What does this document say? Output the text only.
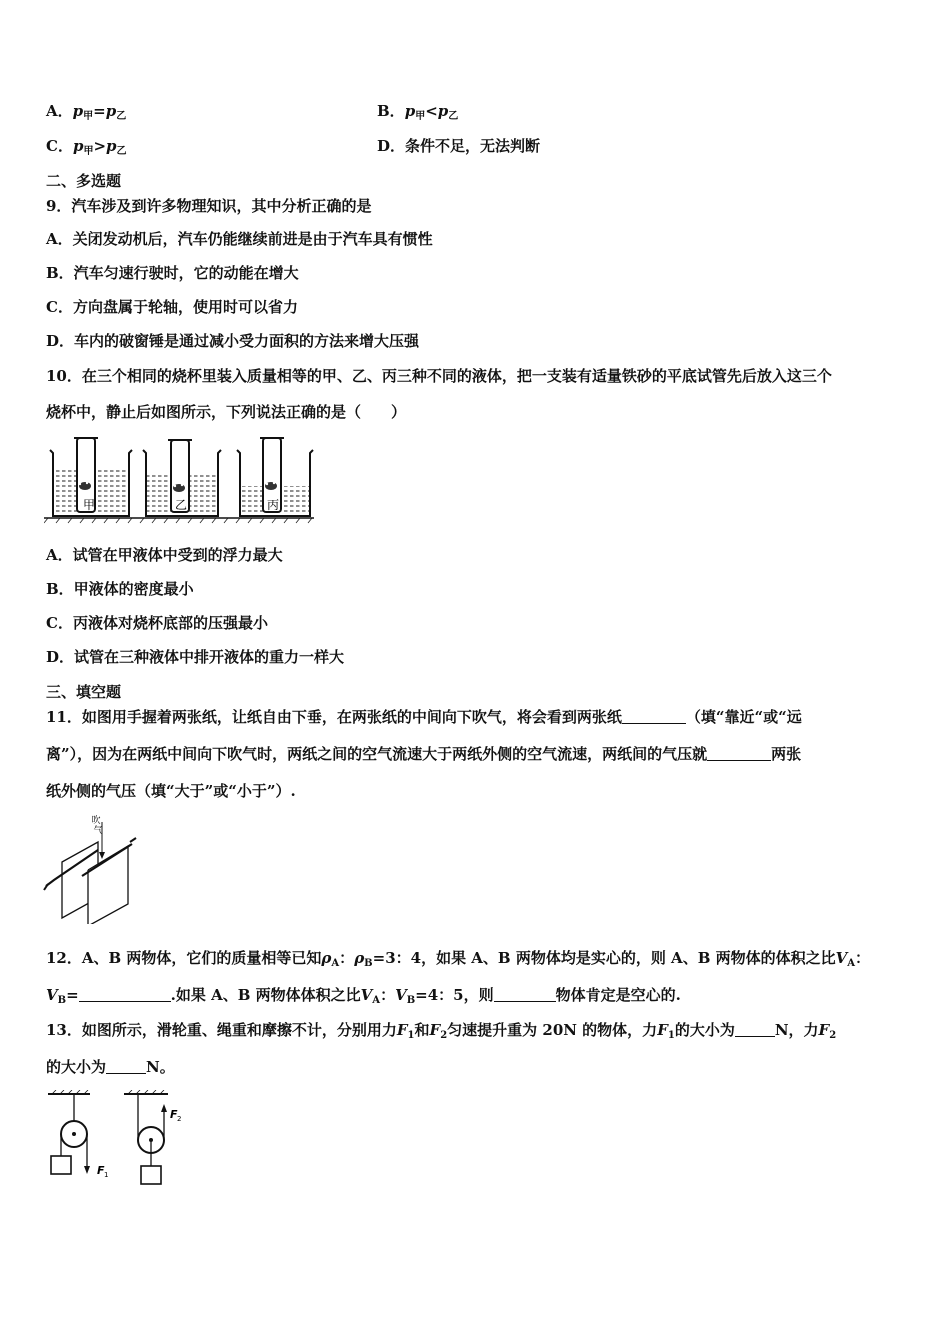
A．$p_甲=p_乙$	B．$p_甲<p_乙$
C．$p_甲>p_乙$	D．条件不足，无法判断
二、多选题
9．汽车涉及到许多物理知识，其中分析正确的是
A．关闭发动机后，汽车仍能继续前进是由于汽车具有惯性
B．汽车匀速行驶时，它的动能在增大
C．方向盘属于轮轴，使用时可以省力
D．车内的破窗锤是通过减小受力面积的方法来增大压强
10．在三个相同的烧杯里装入质量相等的甲、乙、丙三种不同的液体，把一支装有适量铁砂的平底试管先后放入这三个
烧杯中，静止后如图所示，下列说法正确的是（　　）
甲	乙	丙
A．试管在甲液体中受到的浮力最大
B．甲液体的密度最小
C．丙液体对烧杯底部的压强最小
D．试管在三种液体中排开液体的重力一样大
三、填空题
11．如图用手握着两张纸，让纸自由下垂，在两张纸的中间向下吹气，将会看到两张纸	（填“靠近“或“远
离”），因为在两纸中间向下吹气时，两纸之间的空气流速大于两纸外侧的空气流速，两纸间的气压就	两张
纸外侧的气压（填“大于”或“小于”）.
吹
气
12．A、B 两物体，它们的质量相等已知$\rho_A$：$\rho_B=3$：4，如果 A、B 两物体均是实心的，则 A、B 两物体的体积之比$V_A$：
$V_B=$	.如果 A、B 两物体体积之比$V_A$：$V_B=4$：5，则	物体肯定是空心的.
13．如图所示，滑轮重、绳重和摩擦不计，分别用力$F_1$和$F_2$匀速提升重为 20N 的物体，力$F_1$的大小为	N，力$F_2$
的大小为	N。
F 1
F 2
